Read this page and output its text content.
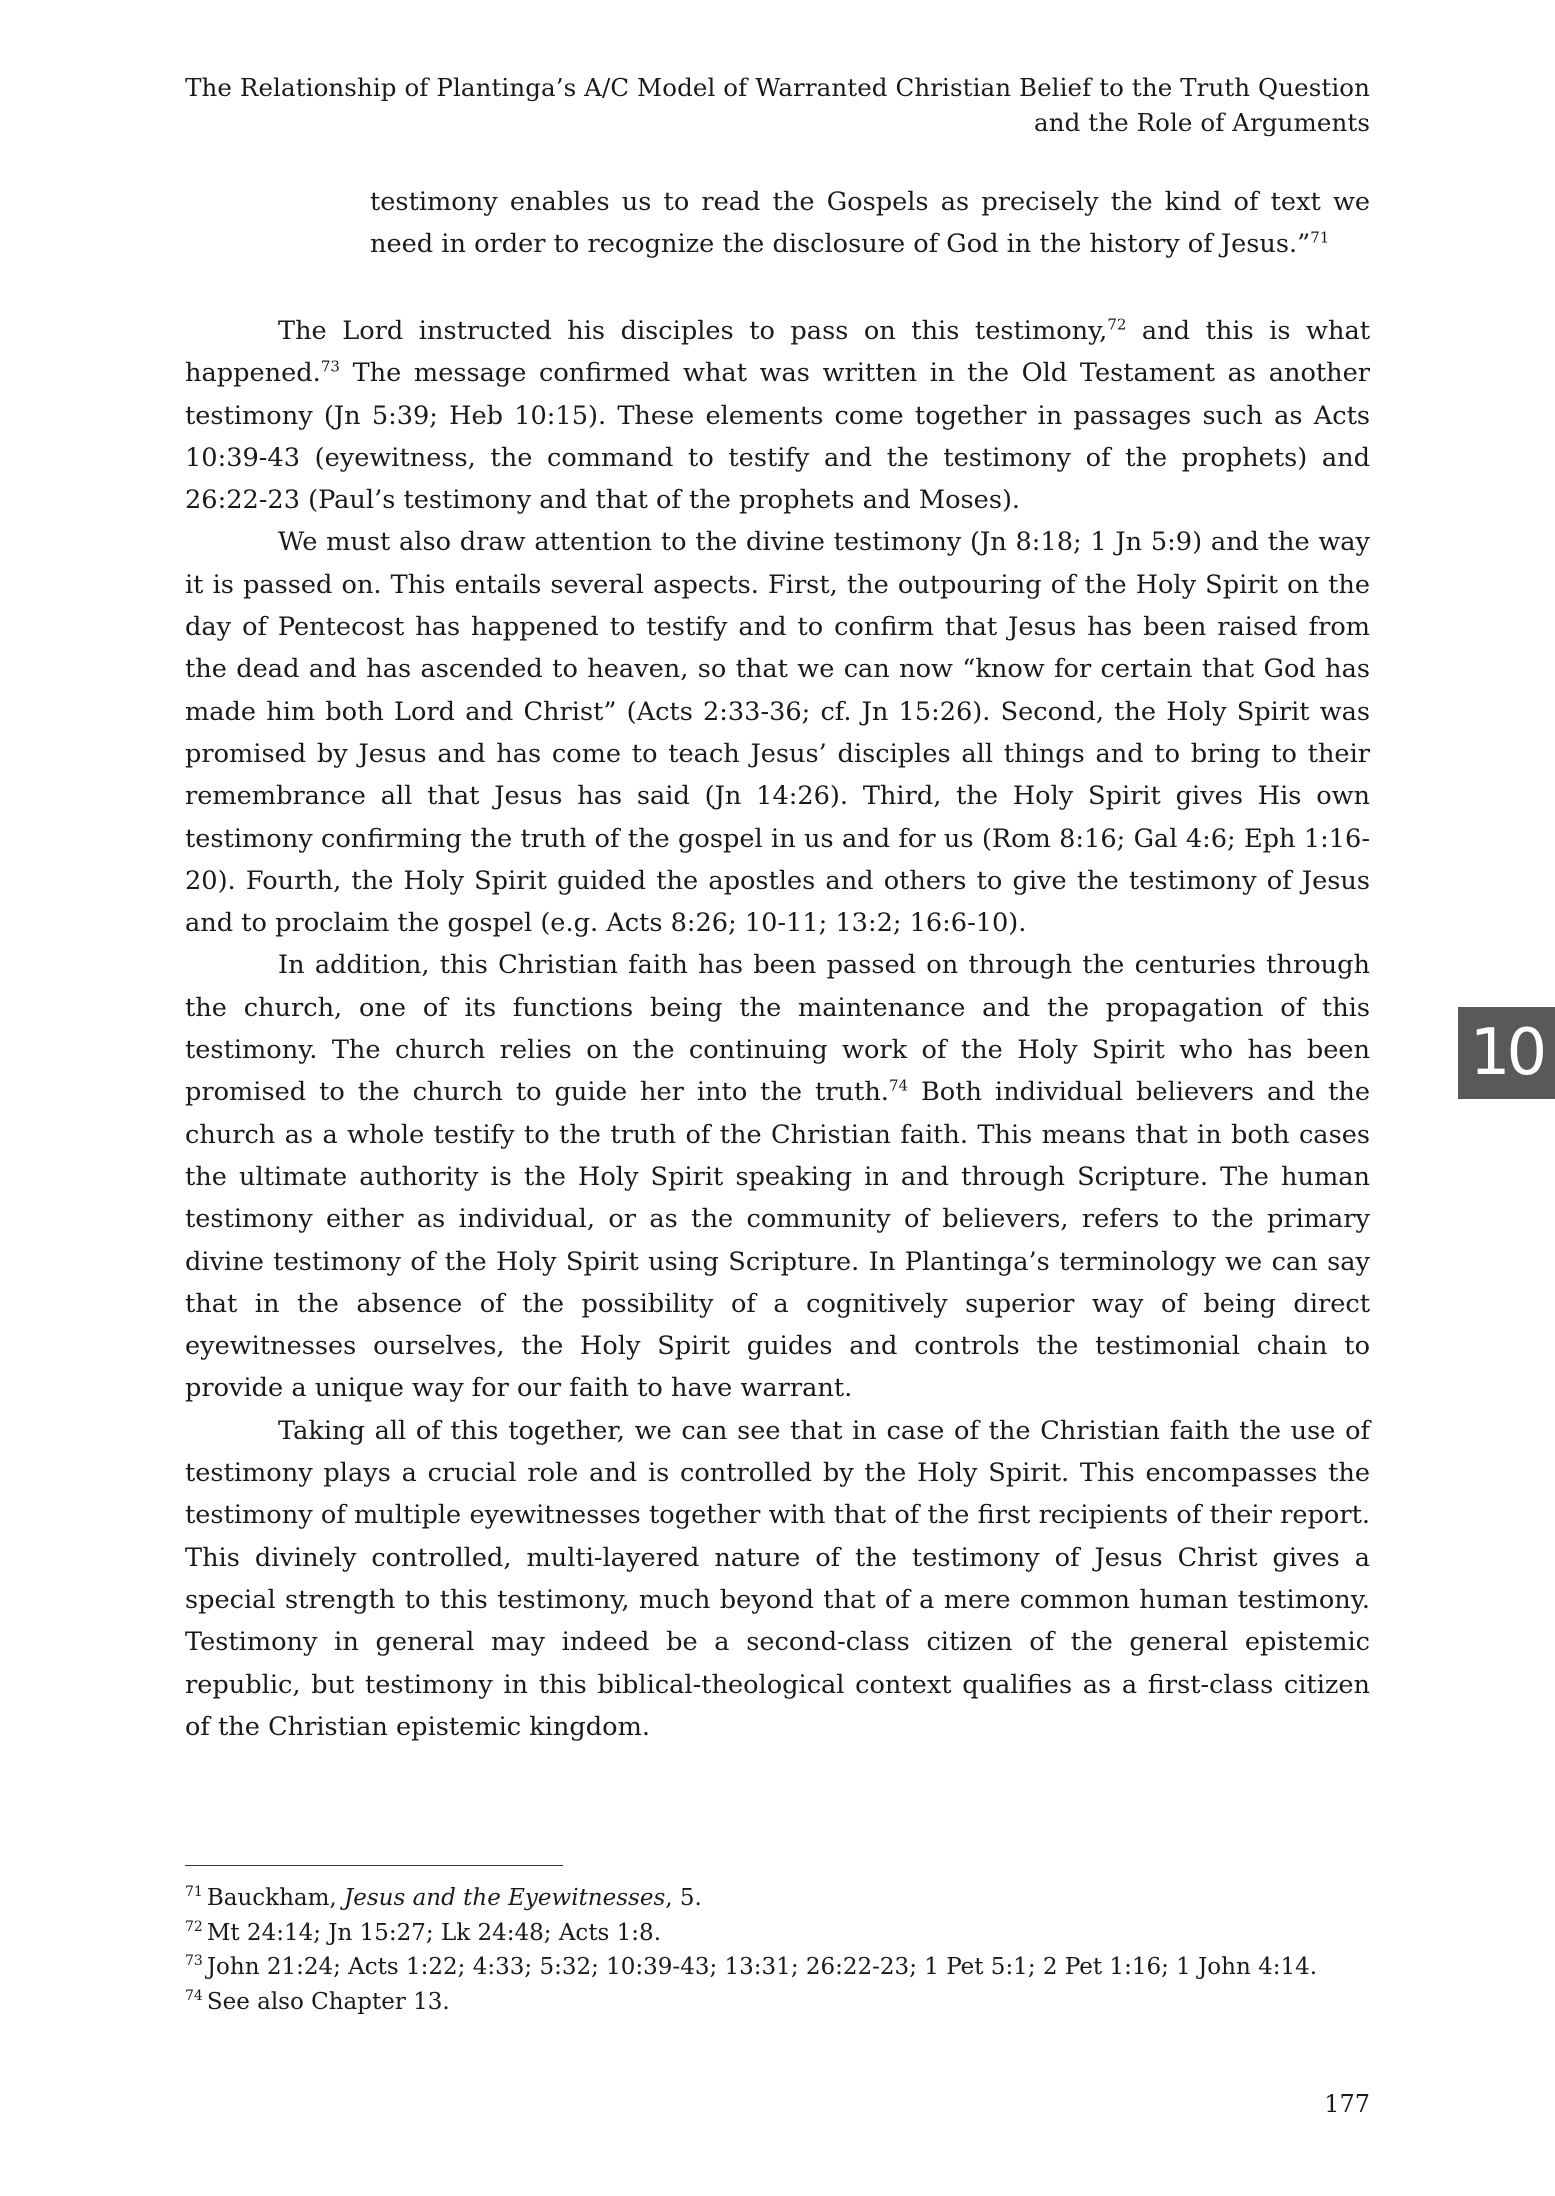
The Relationship of Plantinga’s A/C Model of Warranted Christian Belief to the Truth Question
and the Role of Arguments
testimony enables us to read the Gospels as precisely the kind of text we need in order to recognize the disclosure of God in the history of Jesus.”$^{71}$

The Lord instructed his disciples to pass on this testimony,$^{72}$ and this is what happened.$^{73}$ The message confirmed what was written in the Old Testament as another testimony (Jn 5:39; Heb 10:15). These elements come together in passages such as Acts 10:39-43 (eyewitness, the command to testify and the testimony of the prophets) and 26:22-23 (Paul’s testimony and that of the prophets and Moses).

We must also draw attention to the divine testimony (Jn 8:18; 1 Jn 5:9) and the way it is passed on. This entails several aspects. First, the outpouring of the Holy Spirit on the day of Pentecost has happened to testify and to confirm that Jesus has been raised from the dead and has ascended to heaven, so that we can now “know for certain that God has made him both Lord and Christ” (Acts 2:33-36; cf. Jn 15:26). Second, the Holy Spirit was promised by Jesus and has come to teach Jesus’ disciples all things and to bring to their remembrance all that Jesus has said (Jn 14:26). Third, the Holy Spirit gives His own testimony confirming the truth of the gospel in us and for us (Rom 8:16; Gal 4:6; Eph 1:16-20). Fourth, the Holy Spirit guided the apostles and others to give the testimony of Jesus and to proclaim the gospel (e.g. Acts 8:26; 10-11; 13:2; 16:6-10).

In addition, this Christian faith has been passed on through the centuries through the church, one of its functions being the maintenance and the propagation of this testimony. The church relies on the continuing work of the Holy Spirit who has been promised to the church to guide her into the truth.$^{74}$ Both individual believers and the church as a whole testify to the truth of the Christian faith. This means that in both cases the ultimate authority is the Holy Spirit speaking in and through Scripture. The human testimony either as individual, or as the community of believers, refers to the primary divine testimony of the Holy Spirit using Scripture. In Plantinga’s terminology we can say that in the absence of the possibility of a cognitively superior way of being direct eyewitnesses ourselves, the Holy Spirit guides and controls the testimonial chain to provide a unique way for our faith to have warrant.

Taking all of this together, we can see that in case of the Christian faith the use of testimony plays a crucial role and is controlled by the Holy Spirit. This encompasses the testimony of multiple eyewitnesses together with that of the first recipients of their report. This divinely controlled, multi-layered nature of the testimony of Jesus Christ gives a special strength to this testimony, much beyond that of a mere common human testimony. Testimony in general may indeed be a second-class citizen of the general epistemic republic, but testimony in this biblical-theological context qualifies as a first-class citizen of the Christian epistemic kingdom.

10
$^{71}$ Bauckham, Jesus and the Eyewitnesses, 5.
$^{72}$ Mt 24:14; Jn 15:27; Lk 24:48; Acts 1:8.
$^{73}$ John 21:24; Acts 1:22; 4:33; 5:32; 10:39-43; 13:31; 26:22-23; 1 Pet 5:1; 2 Pet 1:16; 1 John 4:14.
$^{74}$ See also Chapter 13.
177
